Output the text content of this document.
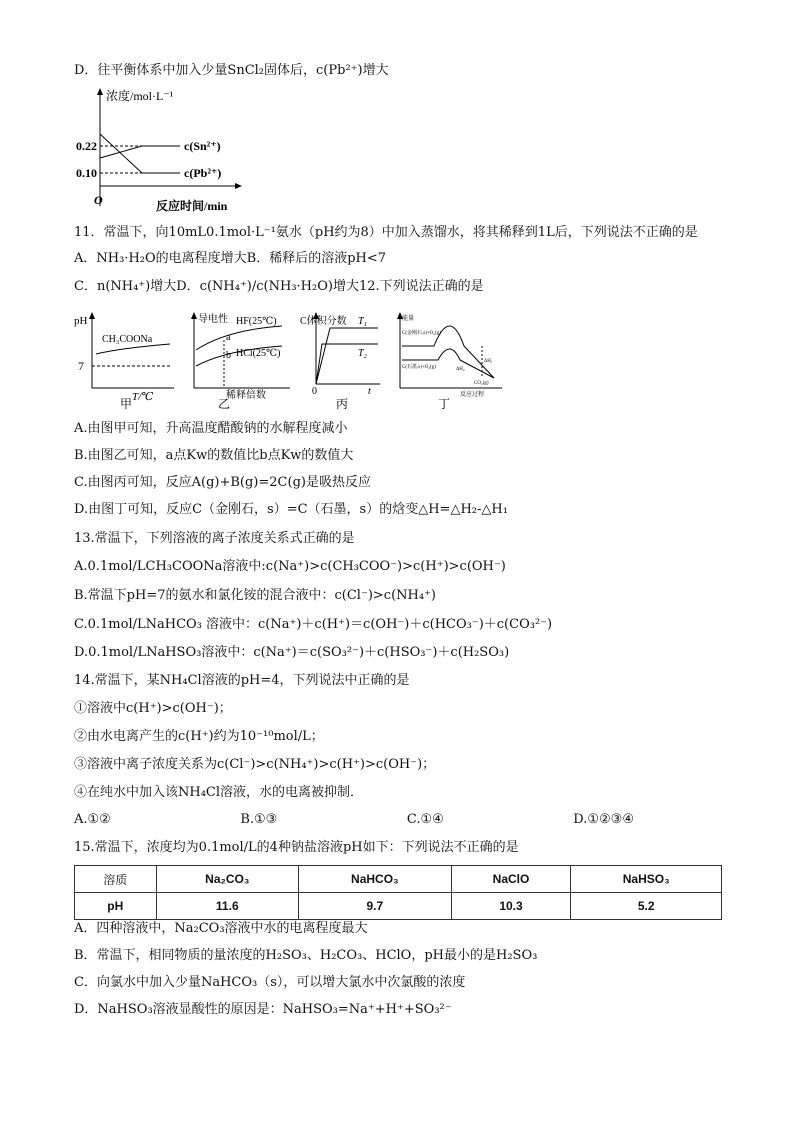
D．往平衡体系中加入少量SnCl₂固体后，c(Pb²⁺)增大
浓度/mol·L⁻¹
0.22
0.10
c(Sn²⁺)
c(Pb²⁺)
O	反应时间/min
11．常温下，向10mL0.1mol·L⁻¹氨水（pH约为8）中加入蒸馏水，将其稀释到1L后，下列说法不正确的是
A．NH₃·H₂O的电离程度增大B．稀释后的溶液pH<7
C．n(NH₄⁺)增大D．c(NH₄⁺)/c(NH₃·H₂O)增大12.下列说法正确的是
pH
CH₃COONa
7
T/℃
甲
导电性 HF(25℃)
a
b HCl(25℃)
稀释倍数
乙
C体积分数 T₁
T₂
0	t
丙
能量
C(金刚石,s)+O₂(g)
C(石墨,s)+O₂(g)
ΔH₁
ΔH₂
CO₂(g)
反应过程
丁
A.由图甲可知，升高温度醋酸钠的水解程度减小
B.由图乙可知，a点Kw的数值比b点Kw的数值大
C.由图丙可知，反应A(g)+B(g)=2C(g)是吸热反应
D.由图丁可知，反应C（金刚石，s）=C（石墨，s）的焓变△H=△H₂-△H₁
13.常温下，下列溶液的离子浓度关系式正确的是
A.0.1mol/LCH₃COONa溶液中:c(Na⁺)>c(CH₃COO⁻)>c(H⁺)>c(OH⁻)
B.常温下pH=7的氨水和氯化铵的混合液中：c(Cl⁻)>c(NH₄⁺)
C.0.1mol/LNaHCO₃ 溶液中：c(Na⁺)＋c(H⁺)＝c(OH⁻)＋c(HCO₃⁻)＋c(CO₃²⁻)
D.0.1mol/LNaHSO₃溶液中：c(Na⁺)＝c(SO₃²⁻)＋c(HSO₃⁻)＋c(H₂SO₃)
14.常温下，某NH₄Cl溶液的pH=4，下列说法中正确的是
①溶液中c(H⁺)>c(OH⁻)；
②由水电离产生的c(H⁺)约为10⁻¹⁰mol/L；
③溶液中离子浓度关系为c(Cl⁻)>c(NH₄⁺)>c(H⁺)>c(OH⁻)；
④在纯水中加入该NH₄Cl溶液，水的电离被抑制．
A.①②	B.①③	C.①④	D.①②③④
15.常温下，浓度均为0.1mol/L的4种钠盐溶液pH如下：下列说法不正确的是
溶质	Na₂CO₃	NaHCO₃	NaClO	NaHSO₃
pH	11.6	9.7	10.3	5.2
A．四种溶液中，Na₂CO₃溶液中水的电离程度最大
B．常温下，相同物质的量浓度的H₂SO₃、H₂CO₃、HClO，pH最小的是H₂SO₃
C．向氯水中加入少量NaHCO₃（s），可以增大氯水中次氯酸的浓度
D．NaHSO₃溶液显酸性的原因是：NaHSO₃=Na⁺+H⁺+SO₃²⁻
